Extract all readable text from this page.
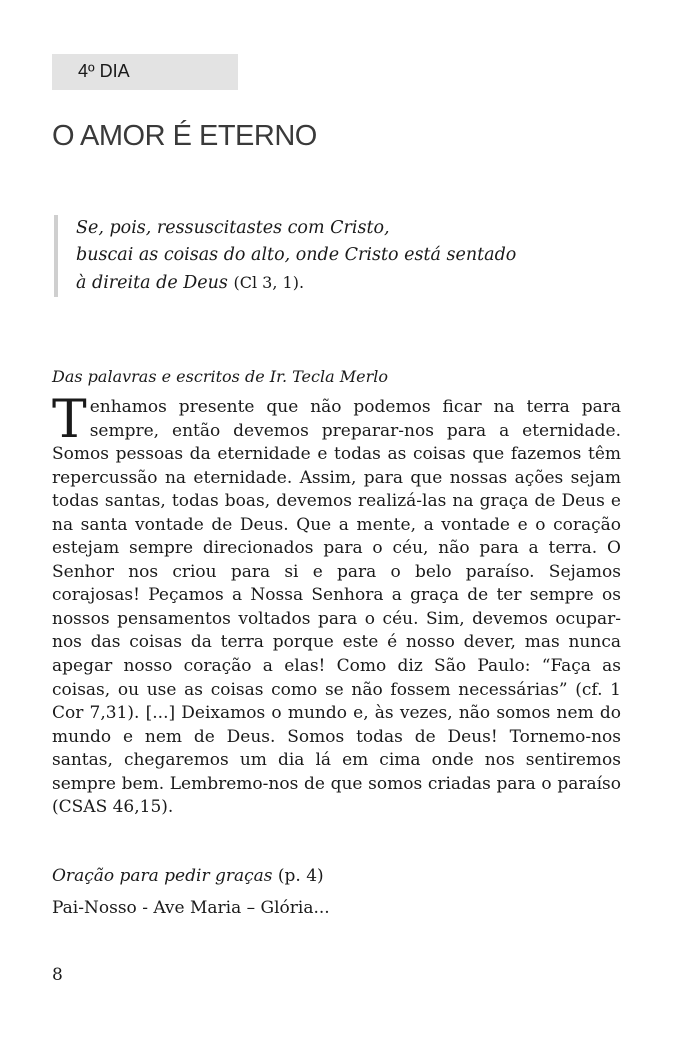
4º DIA
O AMOR É ETERNO
Se, pois, ressuscitastes com Cristo,
buscai as coisas do alto, onde Cristo está sentado
à direita de Deus (Cl 3, 1).
Das palavras e escritos de Ir. Tecla Merlo

Tenhamos presente que não podemos ficar na terra para sempre, então devemos preparar-nos para a eternidade. Somos pessoas da eternidade e todas as coisas que fazemos têm repercussão na eternidade. Assim, para que nossas ações sejam todas santas, todas boas, devemos realizá-las na graça de Deus e na santa vontade de Deus. Que a mente, a vontade e o coração estejam sempre direcionados para o céu, não para a terra. O Senhor nos criou para si e para o belo paraíso. Sejamos corajosas! Peçamos a Nossa Senhora a graça de ter sempre os nossos pensamentos voltados para o céu. Sim, devemos ocupar-nos das coisas da terra porque este é nosso dever, mas nunca apegar nosso coração a elas! Como diz São Paulo: “Faça as coisas, ou use as coisas como se não fossem necessárias” (cf. 1 Cor 7,31). [...] Deixamos o mundo e, às vezes, não somos nem do mundo e nem de Deus. Somos todas de Deus! Tornemo-nos santas, chegaremos um dia lá em cima onde nos sentiremos sempre bem. Lembremo-nos de que somos criadas para o paraíso (CSAS 46,15).

Oração para pedir graças (p. 4)
Pai-Nosso - Ave Maria – Glória...
8
